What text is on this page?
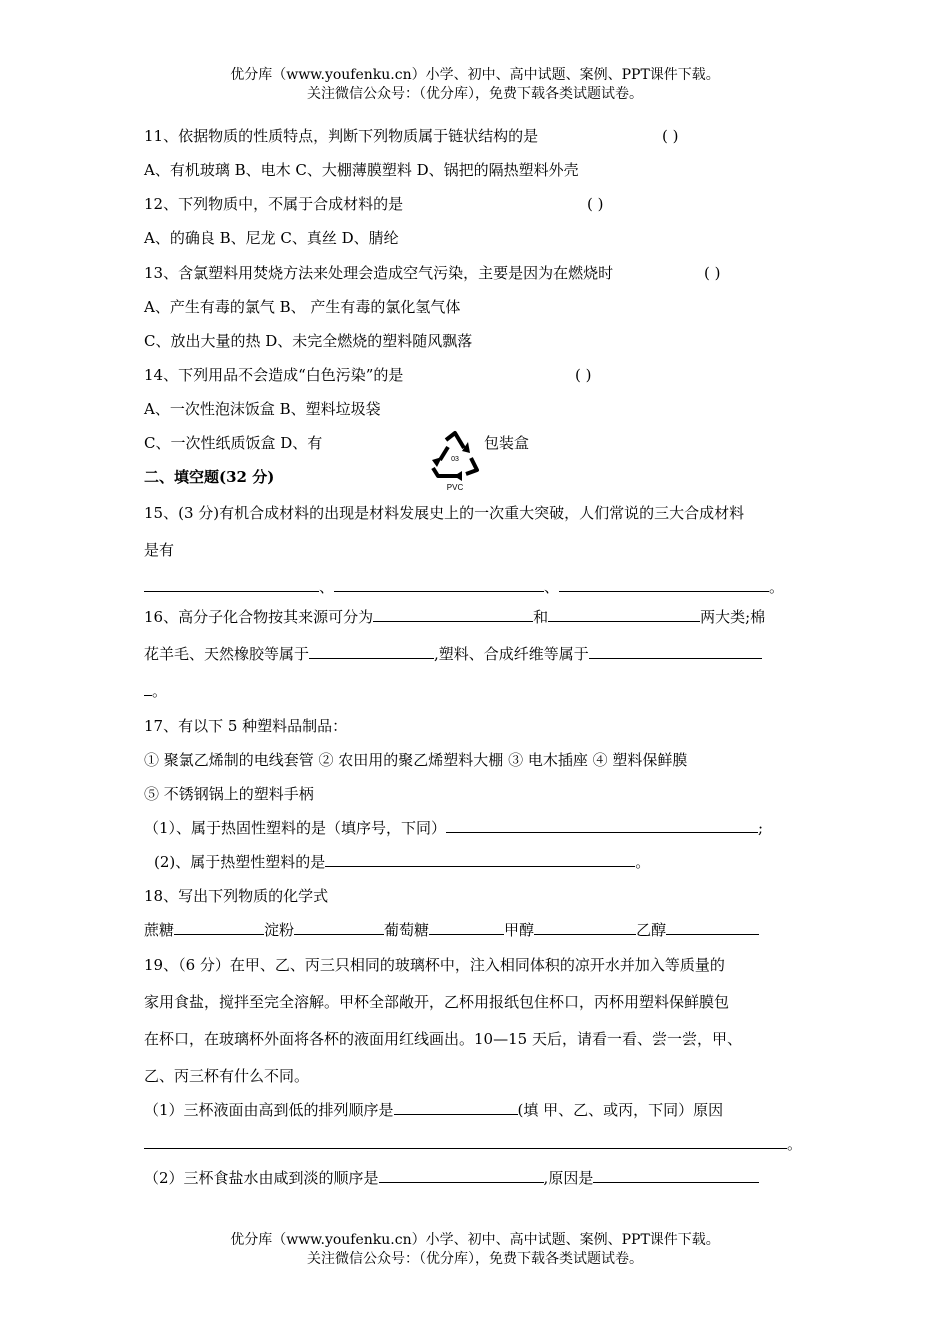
优分库（www.youfenku.cn）小学、初中、高中试题、案例、PPT课件下载。
关注微信公众号：（优分库），免费下载各类试题试卷。
11、依据物质的性质特点，判断下列物质属于链状结构的是	( )
A、有机玻璃 B、电木 C、大棚薄膜塑料 D、锅把的隔热塑料外壳
12、下列物质中，不属于合成材料的是	( )
A、的确良 B、尼龙 C、真丝 D、腈纶
13、含氯塑料用焚烧方法来处理会造成空气污染，主要是因为在燃烧时	( )
A、产生有毒的氯气 B、 产生有毒的氯化氢气体
C、放出大量的热 D、未完全燃烧的塑料随风飘落
14、下列用品不会造成“白色污染”的是	( )
A、一次性泡沫饭盒 B、塑料垃圾袋
C、一次性纸质饭盒 D、有	包装盒
03
PVC
二、填空题(32 分)
15、(3 分)有机合成材料的出现是材料发展史上的一次重大突破，人们常说的三大合成材料
是有
、	、	。
16、高分子化合物按其来源可分为	和	两大类;棉
花羊毛、天然橡胶等属于	,塑料、合成纤维等属于
。
17、有以下 5 种塑料品制品：
① 聚氯乙烯制的电线套管 ② 农田用的聚乙烯塑料大棚 ③ 电木插座 ④ 塑料保鲜膜
⑤ 不锈钢锅上的塑料手柄
（1）、属于热固性塑料的是（填序号，下同）	;
(2)、属于热塑性塑料的是	。
18、写出下列物质的化学式
蔗糖	淀粉	葡萄糖	甲醇	乙醇
19、（6 分）在甲、乙、丙三只相同的玻璃杯中，注入相同体积的凉开水并加入等质量的
家用食盐，搅拌至完全溶解。甲杯全部敞开，乙杯用报纸包住杯口，丙杯用塑料保鲜膜包
在杯口，在玻璃杯外面将各杯的液面用红线画出。10—15 天后，请看一看、尝一尝，甲、
乙、丙三杯有什么不同。
（1）三杯液面由高到低的排列顺序是	(填 甲、乙、或丙，下同）原因
。
（2）三杯食盐水由咸到淡的顺序是	,原因是
优分库（www.youfenku.cn）小学、初中、高中试题、案例、PPT课件下载。
关注微信公众号：（优分库），免费下载各类试题试卷。
